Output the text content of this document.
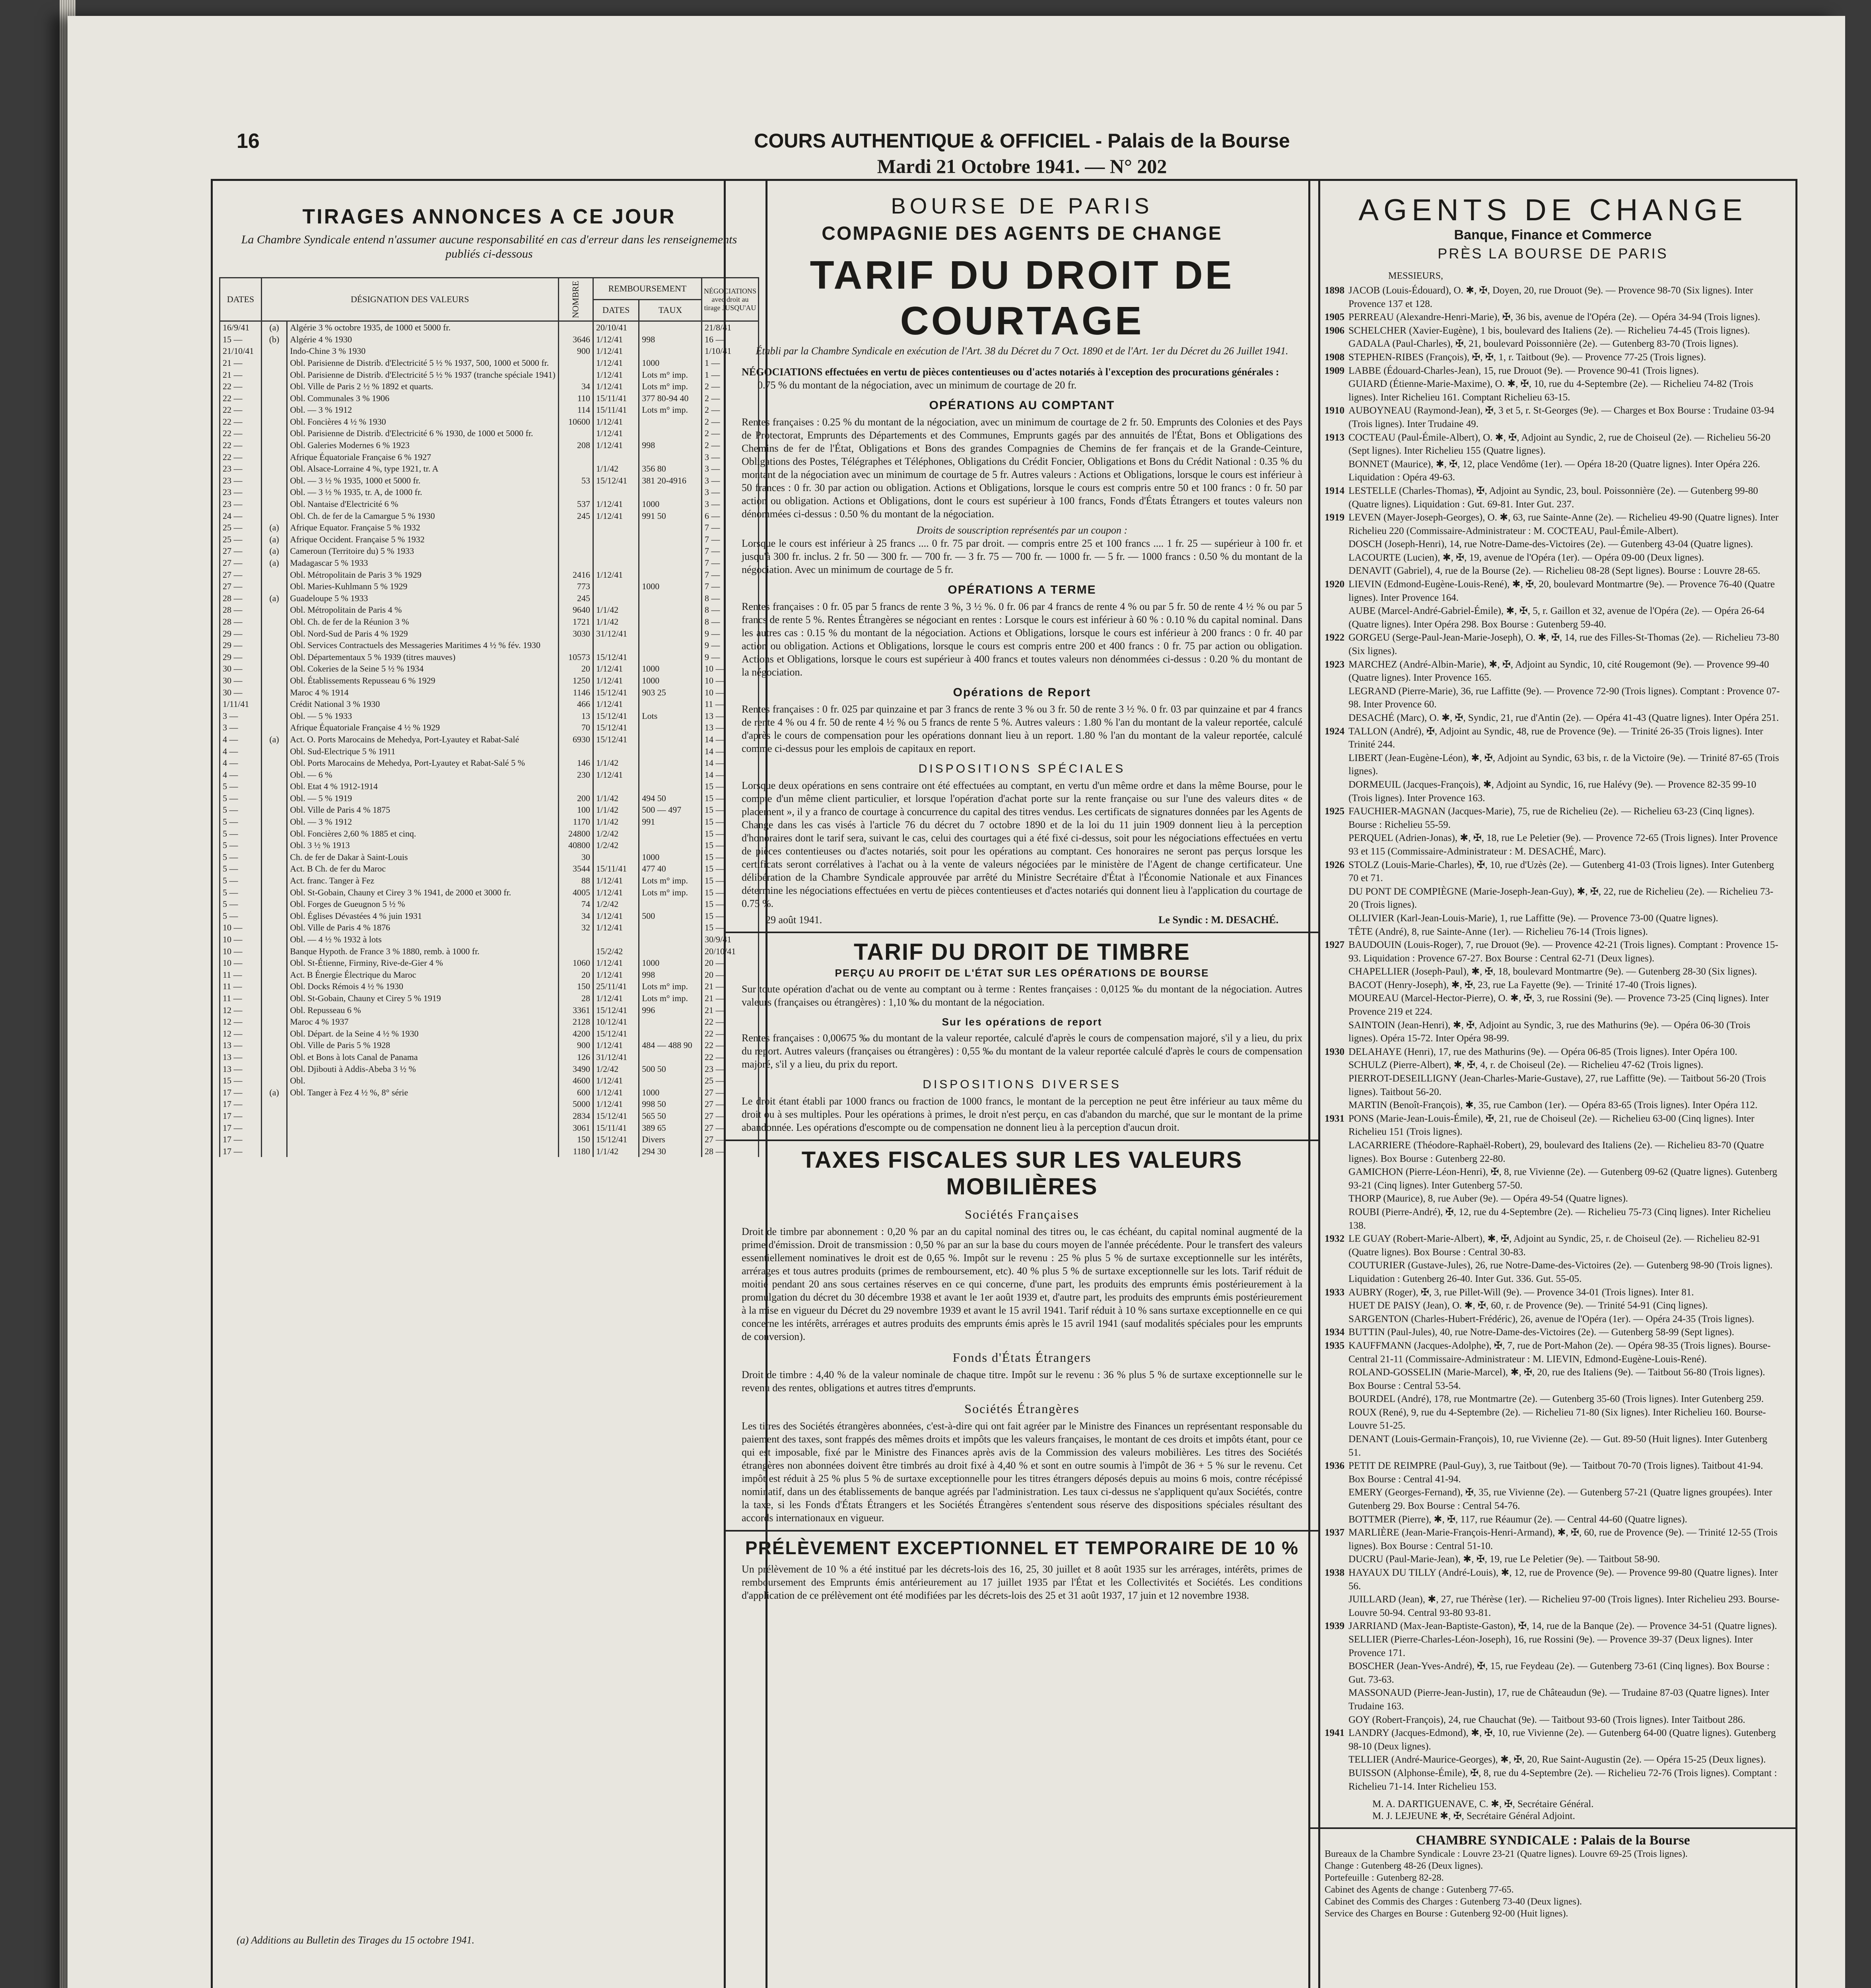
16	COURS AUTHENTIQUE & OFFICIEL - Palais de la Bourse
Mardi 21 Octobre 1941. — N° 202
TIRAGES ANNONCES A CE JOUR
La Chambre Syndicale entend n'assumer aucune responsabilité en cas d'erreur dans les renseignements publiés ci-dessous
DATES	DÉSIGNATION DES VALEURS		NOMBRE	REMBOURSEMENT		NÉGOCIATIONS avec droit au tirage JUSQU'AU
				DATES	TAUX	
16/9/41	(a)	Algérie 3 % octobre 1935, de 1000 et 5000 fr.		20/10/41		21/8/41
15 —	(b)	Algérie 4 % 1930	3646	1/12/41	998	16 —
21/10/41		Indo-Chine 3 % 1930	900	1/12/41		1/10/41
21 —		Obl. Parisienne de Distrib. d'Electricité 5 ½ % 1937, 500, 1000 et 5000 fr.		1/12/41	1000	1 —
21 —		Obl. Parisienne de Distrib. d'Electricité 5 ½ % 1937 (tranche spéciale 1941)		1/12/41	Lots m° imp.	1 —
22 —		Obl. Ville de Paris 2 ½ % 1892 et quarts.	34	1/12/41	Lots m° imp.	2 —
22 —		Obl. Communales 3 % 1906	110	15/11/41	377 80-94 40	2 —
22 —		Obl. — 3 % 1912	114	15/11/41	Lots m° imp.	2 —
22 —		Obl. Foncières 4 ½ % 1930	10600	1/12/41		2 —
22 —		Obl. Parisienne de Distrib. d'Electricité 6 % 1930, de 1000 et 5000 fr.		1/12/41		2 —
22 —		Obl. Galeries Modernes 6 % 1923	208	1/12/41	998	2 —
22 —		Afrique Équatoriale Française 6 % 1927				3 —
23 —		Obl. Alsace-Lorraine 4 %, type 1921, tr. A		1/1/42	356 80	3 —
23 —		Obl. — 3 ½ % 1935, 1000 et 5000 fr.	53	15/12/41	381 20-4916	3 —
23 —		Obl. — 3 ½ % 1935, tr. A, de 1000 fr.				3 —
23 —		Obl. Nantaise d'Electricité 6 %	537	1/12/41	1000	3 —
24 —		Obl. Ch. de fer de la Camargue 5 % 1930	245	1/12/41	991 50	6 —
25 —	(a)	Afrique Equator. Française 5 % 1932				7 —
25 —	(a)	Afrique Occident. Française 5 % 1932				7 —
27 —	(a)	Cameroun (Territoire du) 5 % 1933				7 —
27 —	(a)	Madagascar 5 % 1933				7 —
27 —		Obl. Métropolitain de Paris 3 % 1929	2416	1/12/41		7 —
27 —		Obl. Maries-Kuhlmann 5 % 1929	773		1000	7 —
28 —	(a)	Guadeloupe 5 % 1933	245			8 —
28 —		Obl. Métropolitain de Paris 4 %	9640	1/1/42		8 —
28 —		Obl. Ch. de fer de la Réunion 3 %	1721	1/1/42		8 —
29 —		Obl. Nord-Sud de Paris 4 % 1929	3030	31/12/41		9 —
29 —		Obl. Services Contractuels des Messageries Maritimes 4 ½ % fév. 1930				9 —
29 —		Obl. Départementaux 5 % 1939 (titres mauves)	10573	15/12/41		9 —
30 —		Obl. Cokeries de la Seine 5 ½ % 1934	20	1/12/41	1000	10 —
30 —		Obl. Établissements Repusseau 6 % 1929	1250	1/12/41	1000	10 —
30 —		Maroc 4 % 1914	1146	15/12/41	903 25	10 —
1/11/41		Crédit National 3 % 1930	466	1/12/41		11 —
3 —		Obl. — 5 % 1933	13	15/12/41	Lots	13 —
3 —		Afrique Équatoriale Française 4 ½ % 1929	70	15/12/41		13 —
4 —	(a)	Act. O. Ports Marocains de Mehedya, Port-Lyautey et Rabat-Salé	6930	15/12/41		14 —
4 —		Obl. Sud-Electrique 5 % 1911				14 —
4 —		Obl. Ports Marocains de Mehedya, Port-Lyautey et Rabat-Salé 5 %	146	1/1/42		14 —
4 —		Obl. — 6 %	230	1/12/41		14 —
5 —		Obl. Etat 4 % 1912-1914				15 —
5 —		Obl. — 5 % 1919	200	1/1/42	494 50	15 —
5 —		Obl. Ville de Paris 4 % 1875	100	1/1/42	500 — 497	15 —
5 —		Obl. — 3 % 1912	1170	1/1/42	991	15 —
5 —		Obl. Foncières 2,60 % 1885 et cinq.	24800	1/2/42		15 —
5 —		Obl. 3 ½ % 1913	40800	1/2/42		15 —
5 —		Ch. de fer de Dakar à Saint-Louis	30		1000	15 —
5 —		Act. B Ch. de fer du Maroc	3544	15/11/41	477 40	15 —
5 —		Act. franc. Tanger à Fez	88	1/12/41	Lots m° imp.	15 —
5 —		Obl. St-Gobain, Chauny et Cirey 3 % 1941, de 2000 et 3000 fr.	4005	1/12/41	Lots m° imp.	15 —
5 —		Obl. Forges de Gueugnon 5 ½ %	74	1/2/42		15 —
5 —		Obl. Églises Dévastées 4 % juin 1931	34	1/12/41	500	15 —
10 —		Obl. Ville de Paris 4 % 1876	32	1/12/41		15 —
10 —		Obl. — 4 ½ % 1932 à lots				30/9/41
10 —		Banque Hypoth. de France 3 % 1880, remb. à 1000 fr.		15/2/42		20/10/41
10 —		Obl. St-Étienne, Firminy, Rive-de-Gier 4 %	1060	1/12/41	1000	20 —
11 —		Act. B Énergie Électrique du Maroc	20	1/12/41	998	20 —
11 —		Obl. Docks Rémois 4 ½ % 1930	150	25/11/41	Lots m° imp.	21 —
11 —		Obl. St-Gobain, Chauny et Cirey 5 % 1919	28	1/12/41	Lots m° imp.	21 —
12 —		Obl. Repusseau 6 %	3361	15/12/41	996	21 —
12 —		Maroc 4 % 1937	2128	10/12/41		22 —
12 —		Obl. Départ. de la Seine 4 ½ % 1930	4200	15/12/41		22 —
13 —		Obl. Ville de Paris 5 % 1928	900	1/12/41	484 — 488 90	22 —
13 —		Obl. et Bons à lots Canal de Panama	126	31/12/41		22 —
13 —		Obl. Djibouti à Addis-Abeba 3 ½ %	3490	1/2/42	500 50	23 —
15 —		Obl.	4600	1/12/41		25 —
17 —	(a)	Obl. Tanger à Fez 4 ½ %, 8° série	600	1/12/41	1000	27 —
17 —			5000	1/12/41	998 50	27 —
17 —			2834	15/12/41	565 50	27 —
17 —			3061	15/11/41	389 65	27 —
17 —			150	15/12/41	Divers	27 —
17 —			1180	1/1/42	294 30	28 —
(a) Additions au Bulletin des Tirages du 15 octobre 1941.
BOURSE DE PARIS
COMPAGNIE DES AGENTS DE CHANGE
TARIF DU DROIT DE COURTAGE
Établi par la Chambre Syndicale en exécution de l'Art. 38 du Décret du 7 Oct. 1890 et de l'Art. 1er du Décret du 26 Juillet 1941.
NÉGOCIATIONS effectuées en vertu de pièces contentieuses ou d'actes notariés à l'exception des procurations générales :
0.75 % du montant de la négociation, avec un minimum de courtage de 20 fr.
OPÉRATIONS AU COMPTANT
Rentes françaises : 0.25 % du montant de la négociation, avec un minimum de courtage de 2 fr. 50. Emprunts des Colonies et des Pays de Protectorat, Emprunts des Départements et des Communes, Emprunts gagés par des annuités de l'État, Bons et Obligations des Chemins de fer de l'État, Obligations et Bons des grandes Compagnies de Chemins de fer français et de la Grande-Ceinture, Obligations des Postes, Télégraphes et Téléphones, Obligations du Crédit Foncier, Obligations et Bons du Crédit National : 0.35 % du montant de la négociation avec un minimum de courtage de 5 fr. Autres valeurs : Actions et Obligations, lorsque le cours est inférieur à 50 frances : 0 fr. 30 par action ou obligation. Actions et Obligations, lorsque le cours est compris entre 50 et 100 francs : 0 fr. 50 par action ou obligation. Actions et Obligations, dont le cours est supérieur à 100 francs, Fonds d'États Étrangers et toutes valeurs non dénommées ci-dessus : 0.50 % du montant de la négociation.
Droits de souscription représentés par un coupon :
Lorsque le cours est inférieur à 25 francs .... 0 fr. 75 par droit. — compris entre 25 et 100 francs .... 1 fr. 25 — supérieur à 100 fr. et jusqu'à 300 fr. inclus. 2 fr. 50 — 300 fr. — 700 fr. — 3 fr. 75 — 700 fr. — 1000 fr. — 5 fr. — 1000 francs : 0.50 % du montant de la négociation. Avec un minimum de courtage de 5 fr.
OPÉRATIONS A TERME
Rentes françaises : 0 fr. 05 par 5 francs de rente 3 %, 3 ½ %. 0 fr. 06 par 4 francs de rente 4 % ou par 5 fr. 50 de rente 4 ½ % ou par 5 francs de rente 5 %. Rentes Étrangères se négociant en rentes : Lorsque le cours est inférieur à 60 % : 0.10 % du capital nominal. Dans les autres cas : 0.15 % du montant de la négociation. Actions et Obligations, lorsque le cours est inférieur à 200 francs : 0 fr. 40 par action ou obligation. Actions et Obligations, lorsque le cours est compris entre 200 et 400 francs : 0 fr. 75 par action ou obligation. Actions et Obligations, lorsque le cours est supérieur à 400 francs et toutes valeurs non dénommées ci-dessus : 0.20 % du montant de la négociation.
Opérations de Report
Rentes françaises : 0 fr. 025 par quinzaine et par 3 francs de rente 3 % ou 3 fr. 50 de rente 3 ½ %. 0 fr. 03 par quinzaine et par 4 francs de rente 4 % ou 4 fr. 50 de rente 4 ½ % ou 5 francs de rente 5 %. Autres valeurs : 1.80 % l'an du montant de la valeur reportée, calculé d'après le cours de compensation pour les opérations donnant lieu à un report. 1.80 % l'an du montant de la valeur reportée, calculé comme ci-dessus pour les emplois de capitaux en report.
DISPOSITIONS SPÉCIALES
Lorsque deux opérations en sens contraire ont été effectuées au comptant, en vertu d'un même ordre et dans la même Bourse, pour le compte d'un même client particulier, et lorsque l'opération d'achat porte sur la rente française ou sur l'une des valeurs dites « de placement », il y a franco de courtage à concurrence du capital des titres vendus. Les certificats de signatures données par les Agents de Change dans les cas visés à l'article 76 du décret du 7 octobre 1890 et de la loi du 11 juin 1909 donnent lieu à la perception d'honoraires dont le tarif sera, suivant le cas, celui des courtages qui a été fixé ci-dessus, soit pour les négociations effectuées en vertu de pièces contentieuses ou d'actes notariés, soit pour les opérations au comptant. Ces honoraires ne seront pas perçus lorsque les certificats seront corrélatives à l'achat ou à la vente de valeurs négociées par le ministère de l'Agent de change certificateur. Une délibération de la Chambre Syndicale approuvée par arrêté du Ministre Secrétaire d'État à l'Économie Nationale et aux Finances détermine les négociations effectuées en vertu de pièces contentieuses et d'actes notariés qui donnent lieu à l'application du courtage de 0.75 %.
29 août 1941.	Le Syndic : M. DESACHÉ.
TARIF DU DROIT DE TIMBRE
PERÇU AU PROFIT DE L'ÉTAT SUR LES OPÉRATIONS DE BOURSE
Sur toute opération d'achat ou de vente au comptant ou à terme : Rentes françaises : 0,0125 ‰ du montant de la négociation. Autres valeurs (françaises ou étrangères) : 1,10 ‰ du montant de la négociation.
Sur les opérations de report
Rentes françaises : 0,00675 ‰ du montant de la valeur reportée, calculé d'après le cours de compensation majoré, s'il y a lieu, du prix du report. Autres valeurs (françaises ou étrangères) : 0,55 ‰ du montant de la valeur reportée calculé d'après le cours de compensation majoré, s'il y a lieu, du prix du report.
DISPOSITIONS DIVERSES
Le droit étant établi par 1000 francs ou fraction de 1000 francs, le montant de la perception ne peut être inférieur au taux même du droit ou à ses multiples. Pour les opérations à primes, le droit n'est perçu, en cas d'abandon du marché, que sur le montant de la prime abandonnée. Les opérations d'escompte ou de compensation ne donnent lieu à la perception d'aucun droit.
TAXES FISCALES SUR LES VALEURS MOBILIÈRES
Sociétés Françaises
Droit de timbre par abonnement : 0,20 % par an du capital nominal des titres ou, le cas échéant, du capital nominal augmenté de la prime d'émission. Droit de transmission : 0,50 % par an sur la base du cours moyen de l'année précédente. Pour le transfert des valeurs essentiellement nominatives le droit est de 0,65 %. Impôt sur le revenu : 25 % plus 5 % de surtaxe exceptionnelle sur les intérêts, arrérages et tous autres produits (primes de remboursement, etc). 40 % plus 5 % de surtaxe exceptionnelle sur les lots. Tarif réduit de moitié pendant 20 ans sous certaines réserves en ce qui concerne, d'une part, les produits des emprunts émis postérieurement à la promulgation du décret du 30 décembre 1938 et avant le 1er août 1939 et, d'autre part, les produits des emprunts émis postérieurement à la mise en vigueur du Décret du 29 novembre 1939 et avant le 15 avril 1941. Tarif réduit à 10 % sans surtaxe exceptionnelle en ce qui concerne les intérêts, arrérages et autres produits des emprunts émis après le 15 avril 1941 (sauf modalités spéciales pour les emprunts de conversion).
Fonds d'États Étrangers
Droit de timbre : 4,40 % de la valeur nominale de chaque titre. Impôt sur le revenu : 36 % plus 5 % de surtaxe exceptionnelle sur le revenu des rentes, obligations et autres titres d'emprunts.
Sociétés Étrangères
Les titres des Sociétés étrangères abonnées, c'est-à-dire qui ont fait agréer par le Ministre des Finances un représentant responsable du paiement des taxes, sont frappés des mêmes droits et impôts que les valeurs françaises, le montant de ces droits et impôts étant, pour ce qui est imposable, fixé par le Ministre des Finances après avis de la Commission des valeurs mobilières. Les titres des Sociétés étrangères non abonnées doivent être timbrés au droit fixé à 4,40 % et sont en outre soumis à l'impôt de 36 + 5 % sur le revenu. Cet impôt est réduit à 25 % plus 5 % de surtaxe exceptionnelle pour les titres étrangers déposés depuis au moins 6 mois, contre récépissé nominatif, dans un des établissements de banque agréés par l'administration. Les taux ci-dessus ne s'appliquent qu'aux Sociétés, contre la taxe, si les Fonds d'États Étrangers et les Sociétés Étrangères s'entendent sous réserve des dispositions spéciales résultant des accords internationaux en vigueur.
PRÉLÈVEMENT EXCEPTIONNEL ET TEMPORAIRE DE 10 %
Un prélèvement de 10 % a été institué par les décrets-lois des 16, 25, 30 juillet et 8 août 1935 sur les arrérages, intérêts, primes de remboursement des Emprunts émis antérieurement au 17 juillet 1935 par l'État et les Collectivités et Sociétés. Les conditions d'application de ce prélèvement ont été modifiées par les décrets-lois des 25 et 31 août 1937, 17 juin et 12 novembre 1938.
AGENTS DE CHANGE
Banque, Finance et Commerce
PRÈS LA BOURSE DE PARIS
MESSIEURS,
1898 JACOB (Louis-Édouard), O. ✱, ✠, Doyen, 20, rue Drouot (9e). — Provence 98-70 (Six lignes). Inter Provence 137 et 128.
1905 PERREAU (Alexandre-Henri-Marie), ✠, 36 bis, avenue de l'Opéra (2e). — Opéra 34-94 (Trois lignes).
1906 SCHELCHER (Xavier-Eugène), 1 bis, boulevard des Italiens (2e). — Richelieu 74-45 (Trois lignes).
GADALA (Paul-Charles), ✠, 21, boulevard Poissonnière (2e). — Gutenberg 83-70 (Trois lignes).
1908 STEPHEN-RIBES (François), ✠, ✠, 1, r. Taitbout (9e). — Provence 77-25 (Trois lignes).
1909 LABBE (Édouard-Charles-Jean), 15, rue Drouot (9e). — Provence 90-41 (Trois lignes).
GUIARD (Étienne-Marie-Maxime), O. ✱, ✠, 10, rue du 4-Septembre (2e). — Richelieu 74-82 (Trois lignes). Inter Richelieu 161. Comptant Richelieu 63-15.
1910 AUBOYNEAU (Raymond-Jean), ✠, 3 et 5, r. St-Georges (9e). — Charges et Box Bourse : Trudaine 03-94 (Trois lignes). Inter Trudaine 49.
1913 COCTEAU (Paul-Émile-Albert), O. ✱, ✠, Adjoint au Syndic, 2, rue de Choiseul (2e). — Richelieu 56-20 (Sept lignes). Inter Richelieu 155 (Quatre lignes).
BONNET (Maurice), ✱, ✠, 12, place Vendôme (1er). — Opéra 18-20 (Quatre lignes). Inter Opéra 226. Liquidation : Opéra 49-63.
1914 LESTELLE (Charles-Thomas), ✠, Adjoint au Syndic, 23, boul. Poissonnière (2e). — Gutenberg 99-80 (Quatre lignes). Liquidation : Gut. 69-81. Inter Gut. 237.
1919 LEVEN (Mayer-Joseph-Georges), O. ✱, 63, rue Sainte-Anne (2e). — Richelieu 49-90 (Quatre lignes). Inter Richelieu 220 (Commissaire-Administrateur : M. COCTEAU, Paul-Émile-Albert).
DOSCH (Joseph-Henri), 14, rue Notre-Dame-des-Victoires (2e). — Gutenberg 43-04 (Quatre lignes).
LACOURTE (Lucien), ✱, ✠, 19, avenue de l'Opéra (1er). — Opéra 09-00 (Deux lignes).
DENAVIT (Gabriel), 4, rue de la Bourse (2e). — Richelieu 08-28 (Sept lignes). Bourse : Louvre 28-65.
1920 LIEVIN (Edmond-Eugène-Louis-René), ✱, ✠, 20, boulevard Montmartre (9e). — Provence 76-40 (Quatre lignes). Inter Provence 164.
AUBE (Marcel-André-Gabriel-Émile), ✱, ✠, 5, r. Gaillon et 32, avenue de l'Opéra (2e). — Opéra 26-64 (Quatre lignes). Inter Opéra 298. Box Bourse : Gutenberg 59-40.
1922 GORGEU (Serge-Paul-Jean-Marie-Joseph), O. ✱, ✠, 14, rue des Filles-St-Thomas (2e). — Richelieu 73-80 (Six lignes).
1923 MARCHEZ (André-Albin-Marie), ✱, ✠, Adjoint au Syndic, 10, cité Rougemont (9e). — Provence 99-40 (Quatre lignes). Inter Provence 165.
LEGRAND (Pierre-Marie), 36, rue Laffitte (9e). — Provence 72-90 (Trois lignes). Comptant : Provence 07-98. Inter Provence 60.
DESACHÉ (Marc), O. ✱, ✠, Syndic, 21, rue d'Antin (2e). — Opéra 41-43 (Quatre lignes). Inter Opéra 251.
1924 TALLON (André), ✠, Adjoint au Syndic, 48, rue de Provence (9e). — Trinité 26-35 (Trois lignes). Inter Trinité 244.
LIBERT (Jean-Eugène-Léon), ✱, ✠, Adjoint au Syndic, 63 bis, r. de la Victoire (9e). — Trinité 87-65 (Trois lignes).
DORMEUIL (Jacques-François), ✱, Adjoint au Syndic, 16, rue Halévy (9e). — Provence 82-35 99-10 (Trois lignes). Inter Provence 163.
1925 FAUCHIER-MAGNAN (Jacques-Marie), 75, rue de Richelieu (2e). — Richelieu 63-23 (Cinq lignes). Bourse : Richelieu 55-59.
PERQUEL (Adrien-Jonas), ✱, ✠, 18, rue Le Peletier (9e). — Provence 72-65 (Trois lignes). Inter Provence 93 et 115 (Commissaire-Administrateur : M. DESACHÉ, Marc).
1926 STOLZ (Louis-Marie-Charles), ✠, 10, rue d'Uzès (2e). — Gutenberg 41-03 (Trois lignes). Inter Gutenberg 70 et 71.
DU PONT DE COMPIÈGNE (Marie-Joseph-Jean-Guy), ✱, ✠, 22, rue de Richelieu (2e). — Richelieu 73-20 (Trois lignes).
OLLIVIER (Karl-Jean-Louis-Marie), 1, rue Laffitte (9e). — Provence 73-00 (Quatre lignes).
TÊTE (André), 8, rue Sainte-Anne (1er). — Richelieu 76-14 (Trois lignes).
1927 BAUDOUIN (Louis-Roger), 7, rue Drouot (9e). — Provence 42-21 (Trois lignes). Comptant : Provence 15-93. Liquidation : Provence 67-27. Box Bourse : Central 62-71 (Deux lignes).
CHAPELLIER (Joseph-Paul), ✱, ✠, 18, boulevard Montmartre (9e). — Gutenberg 28-30 (Six lignes).
BACOT (Henry-Joseph), ✱, ✠, 23, rue La Fayette (9e). — Trinité 17-40 (Trois lignes).
MOUREAU (Marcel-Hector-Pierre), O. ✱, ✠, 3, rue Rossini (9e). — Provence 73-25 (Cinq lignes). Inter Provence 219 et 224.
SAINTOIN (Jean-Henri), ✱, ✠, Adjoint au Syndic, 3, rue des Mathurins (9e). — Opéra 06-30 (Trois lignes). Opéra 15-72. Inter Opéra 98-99.
1930 DELAHAYE (Henri), 17, rue des Mathurins (9e). — Opéra 06-85 (Trois lignes). Inter Opéra 100.
SCHULZ (Pierre-Albert), ✱, ✠, 4, r. de Choiseul (2e). — Richelieu 47-62 (Trois lignes).
PIERROT-DESEILLIGNY (Jean-Charles-Marie-Gustave), 27, rue Laffitte (9e). — Taitbout 56-20 (Trois lignes). Taitbout 56-20.
MARTIN (Benoît-François), ✱, 35, rue Cambon (1er). — Opéra 83-65 (Trois lignes). Inter Opéra 112.
1931 PONS (Marie-Jean-Louis-Émile), ✠, 21, rue de Choiseul (2e). — Richelieu 63-00 (Cinq lignes). Inter Richelieu 151 (Trois lignes).
LACARRIERE (Théodore-Raphaël-Robert), 29, boulevard des Italiens (2e). — Richelieu 83-70 (Quatre lignes). Box Bourse : Gutenberg 22-80.
GAMICHON (Pierre-Léon-Henri), ✠, 8, rue Vivienne (2e). — Gutenberg 09-62 (Quatre lignes). Gutenberg 93-21 (Cinq lignes). Inter Gutenberg 57-50.
THORP (Maurice), 8, rue Auber (9e). — Opéra 49-54 (Quatre lignes).
ROUBI (Pierre-André), ✠, 12, rue du 4-Septembre (2e). — Richelieu 75-73 (Cinq lignes). Inter Richelieu 138.
1932 LE GUAY (Robert-Marie-Albert), ✱, ✠, Adjoint au Syndic, 25, r. de Choiseul (2e). — Richelieu 82-91 (Quatre lignes). Box Bourse : Central 30-83.
COUTURIER (Gustave-Jules), 26, rue Notre-Dame-des-Victoires (2e). — Gutenberg 98-90 (Trois lignes). Liquidation : Gutenberg 26-40. Inter Gut. 336. Gut. 55-05.
1933 AUBRY (Roger), ✠, 3, rue Pillet-Will (9e). — Provence 34-01 (Trois lignes). Inter 81.
HUET DE PAISY (Jean), O. ✱, ✠, 60, r. de Provence (9e). — Trinité 54-91 (Cinq lignes).
SARGENTON (Charles-Hubert-Frédéric), 26, avenue de l'Opéra (1er). — Opéra 24-35 (Trois lignes).
1934 BUTTIN (Paul-Jules), 40, rue Notre-Dame-des-Victoires (2e). — Gutenberg 58-99 (Sept lignes).
1935 KAUFFMANN (Jacques-Adolphe), ✠, 7, rue de Port-Mahon (2e). — Opéra 98-35 (Trois lignes). Bourse-Central 21-11 (Commissaire-Administrateur : M. LIEVIN, Edmond-Eugène-Louis-René).
ROLAND-GOSSELIN (Marie-Marcel), ✱, ✠, 20, rue des Italiens (9e). — Taitbout 56-80 (Trois lignes). Box Bourse : Central 53-54.
BOURDEL (André), 178, rue Montmartre (2e). — Gutenberg 35-60 (Trois lignes). Inter Gutenberg 259.
ROUX (René), 9, rue du 4-Septembre (2e). — Richelieu 71-80 (Six lignes). Inter Richelieu 160. Bourse-Louvre 51-25.
DENANT (Louis-Germain-François), 10, rue Vivienne (2e). — Gut. 89-50 (Huit lignes). Inter Gutenberg 51.
1936 PETIT DE REIMPRE (Paul-Guy), 3, rue Taitbout (9e). — Taitbout 70-70 (Trois lignes). Taitbout 41-94. Box Bourse : Central 41-94.
EMERY (Georges-Fernand), ✠, 35, rue Vivienne (2e). — Gutenberg 57-21 (Quatre lignes groupées). Inter Gutenberg 29. Box Bourse : Central 54-76.
BOTTMER (Pierre), ✱, ✠, 117, rue Réaumur (2e). — Central 44-60 (Quatre lignes).
1937 MARLIÈRE (Jean-Marie-François-Henri-Armand), ✱, ✠, 60, rue de Provence (9e). — Trinité 12-55 (Trois lignes). Box Bourse : Central 51-10.
DUCRU (Paul-Marie-Jean), ✱, ✠, 19, rue Le Peletier (9e). — Taitbout 58-90.
1938 HAYAUX DU TILLY (André-Louis), ✱, 12, rue de Provence (9e). — Provence 99-80 (Quatre lignes). Inter 56.
JUILLARD (Jean), ✱, 27, rue Thérèse (1er). — Richelieu 97-00 (Trois lignes). Inter Richelieu 293. Bourse-Louvre 50-94. Central 93-80 93-81.
1939 JARRIAND (Max-Jean-Baptiste-Gaston), ✠, 14, rue de la Banque (2e). — Provence 34-51 (Quatre lignes).
SELLIER (Pierre-Charles-Léon-Joseph), 16, rue Rossini (9e). — Provence 39-37 (Deux lignes). Inter Provence 171.
BOSCHER (Jean-Yves-André), ✠, 15, rue Feydeau (2e). — Gutenberg 73-61 (Cinq lignes). Box Bourse : Gut. 73-63.
MASSONAUD (Pierre-Jean-Justin), 17, rue de Châteaudun (9e). — Trudaine 87-03 (Quatre lignes). Inter Trudaine 163.
GOY (Robert-François), 24, rue Chauchat (9e). — Taitbout 93-60 (Trois lignes). Inter Taitbout 286.
1941 LANDRY (Jacques-Edmond), ✱, ✠, 10, rue Vivienne (2e). — Gutenberg 64-00 (Quatre lignes). Gutenberg 98-10 (Deux lignes).
TELLIER (André-Maurice-Georges), ✱, ✠, 20, Rue Saint-Augustin (2e). — Opéra 15-25 (Deux lignes).
BUISSON (Alphonse-Émile), ✠, 8, rue du 4-Septembre (2e). — Richelieu 72-76 (Trois lignes). Comptant : Richelieu 71-14. Inter Richelieu 153.
M. A. DARTIGUENAVE, C. ✱, ✠, Secrétaire Général.
M. J. LEJEUNE ✱, ✠, Secrétaire Général Adjoint.
CHAMBRE SYNDICALE : Palais de la Bourse
Bureaux de la Chambre Syndicale : Louvre 23-21 (Quatre lignes). Louvre 69-25 (Trois lignes).
Change : Gutenberg 48-26 (Deux lignes).
Portefeuille : Gutenberg 82-28.
Cabinet des Agents de change : Gutenberg 77-65.
Cabinet des Commis des Charges : Gutenberg 73-40 (Deux lignes).
Service des Charges en Bourse : Gutenberg 92-00 (Huit lignes).
